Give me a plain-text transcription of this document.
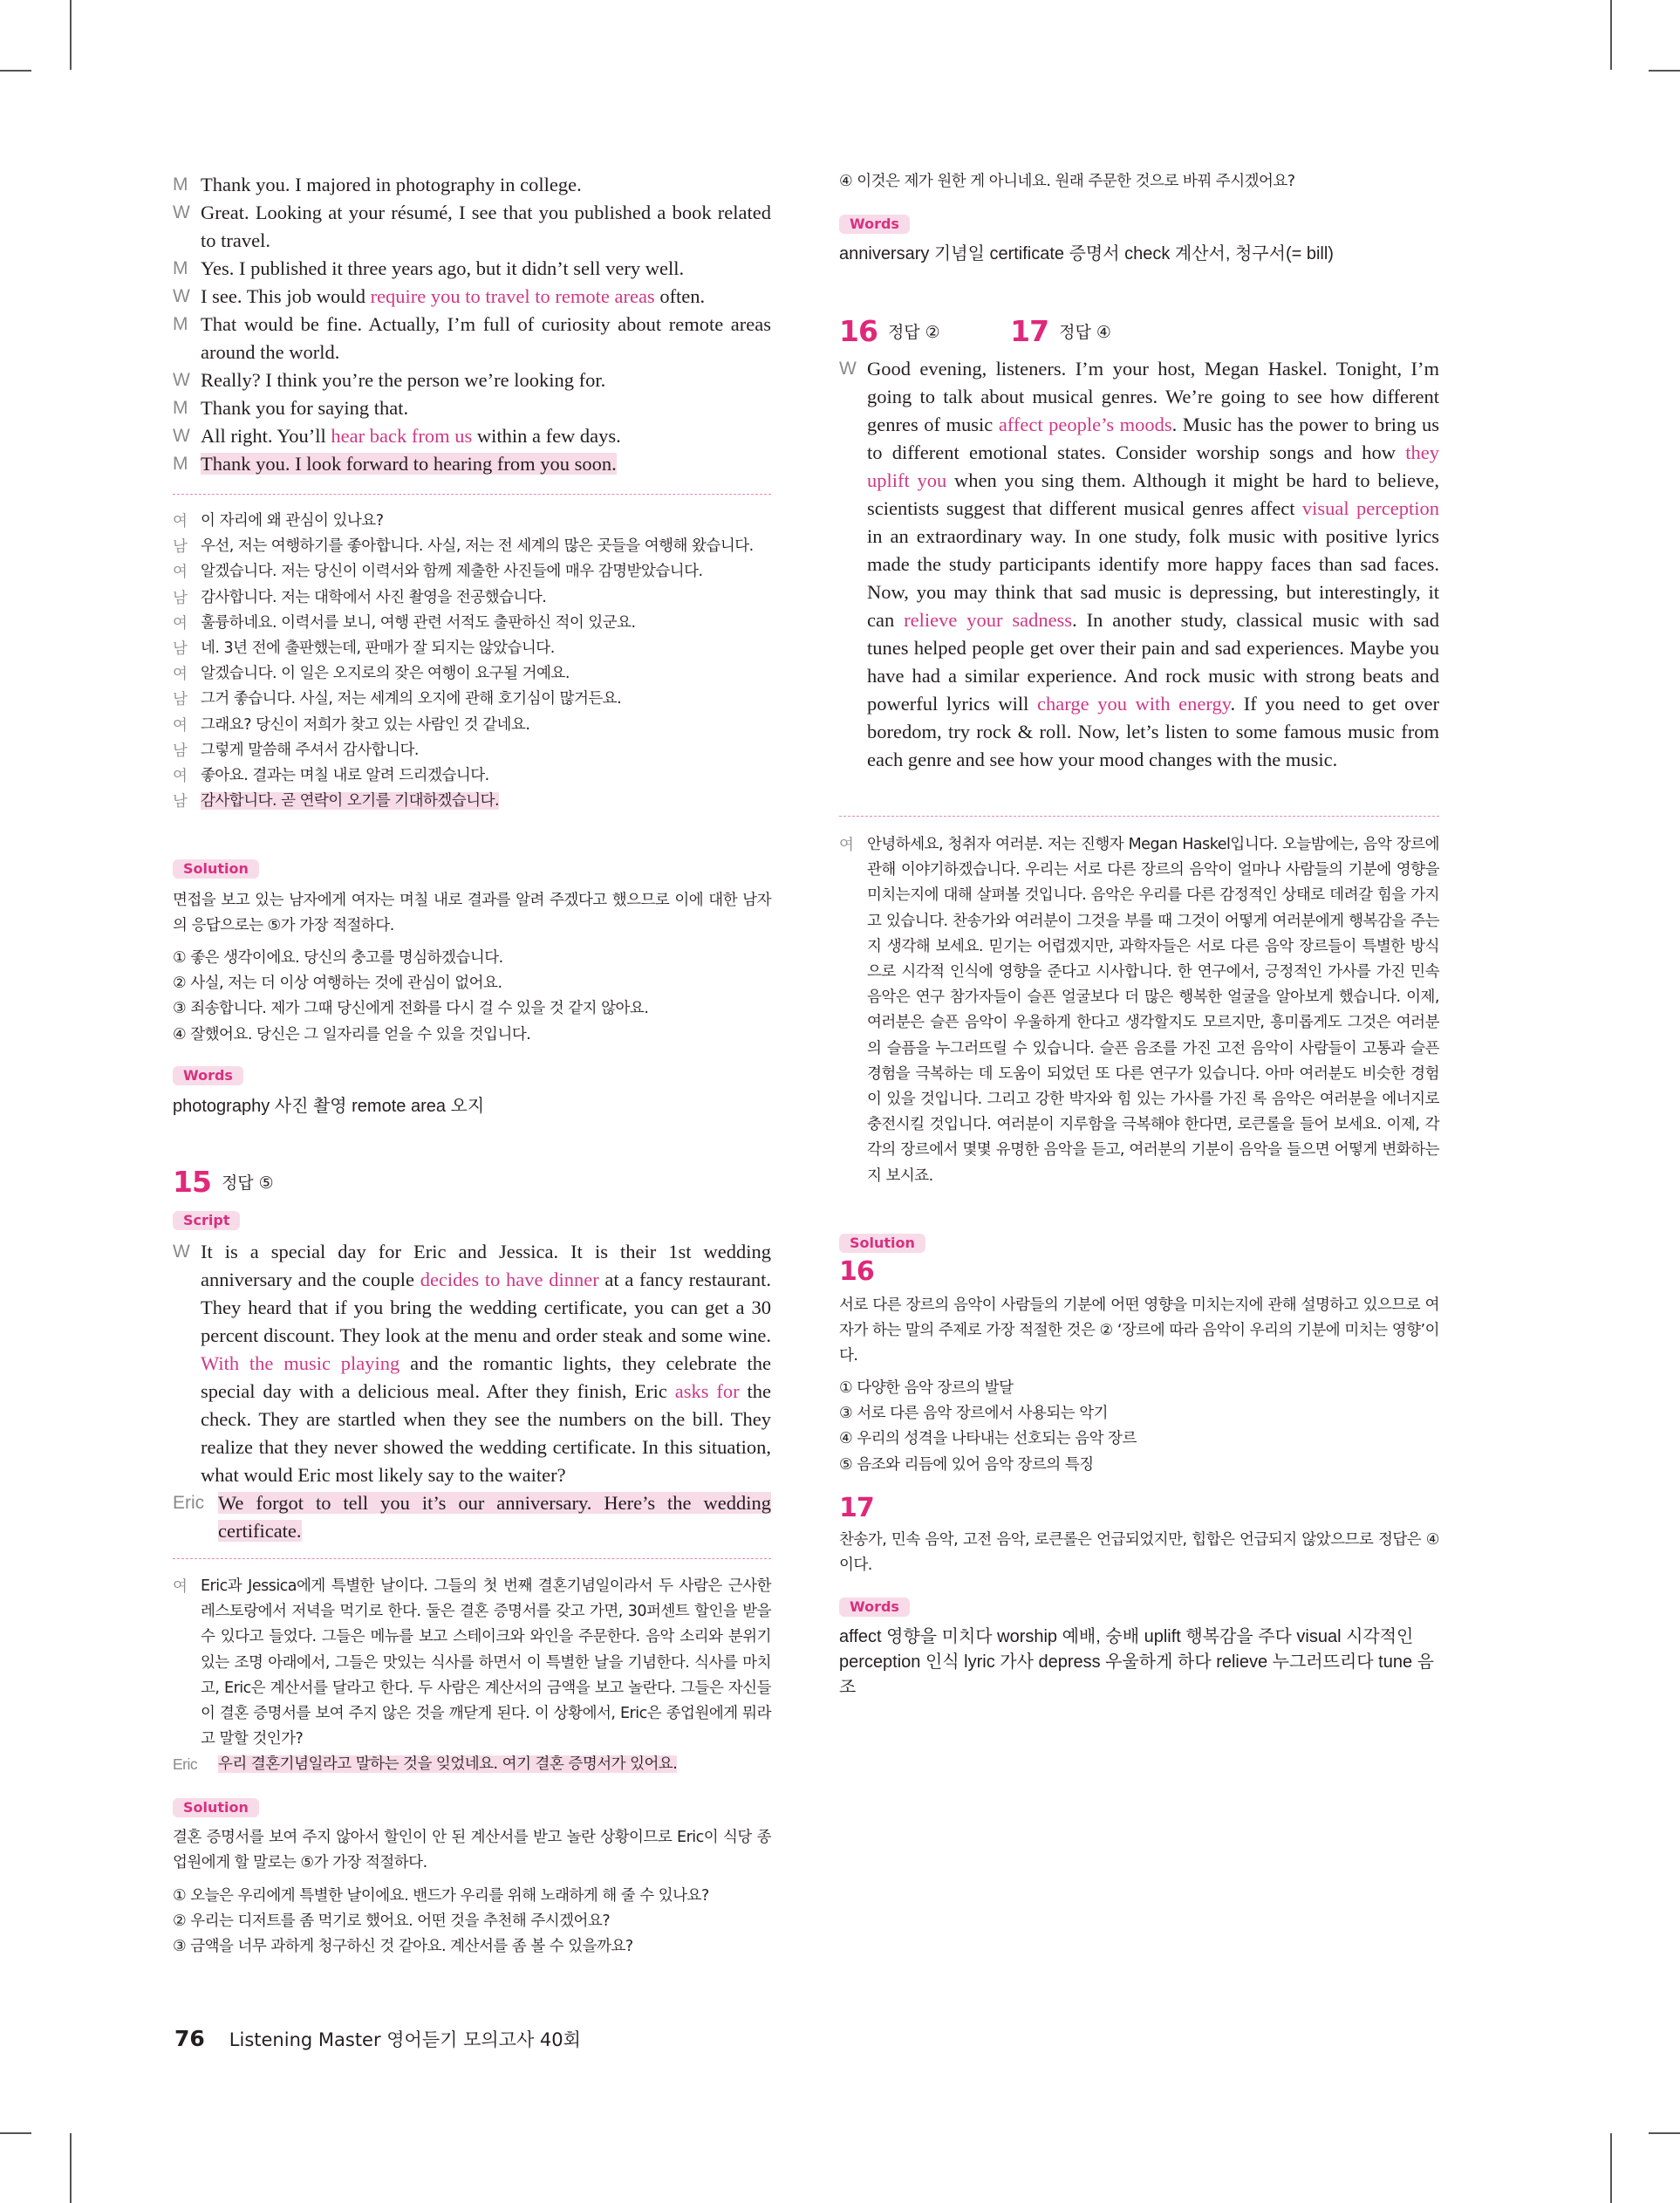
M Thank you. I majored in photography in college.
W Great. Looking at your résumé, I see that you published a book related to travel.
M Yes. I published it three years ago, but it didn’t sell very well.
W I see. This job would require you to travel to remote areas often.
M That would be fine. Actually, I’m full of curiosity about remote areas around the world.
W Really? I think you’re the person we’re looking for.
M Thank you for saying that.
W All right. You’ll hear back from us within a few days.
M Thank you. I look forward to hearing from you soon.
여 이 자리에 왜 관심이 있나요?
남 우선, 저는 여행하기를 좋아합니다. 사실, 저는 전 세계의 많은 곳들을 여행해 왔습니다.
여 알겠습니다. 저는 당신이 이력서와 함께 제출한 사진들에 매우 감명받았습니다.
남 감사합니다. 저는 대학에서 사진 촬영을 전공했습니다.
여 훌륭하네요. 이력서를 보니, 여행 관련 서적도 출판하신 적이 있군요.
남 네. 3년 전에 출판했는데, 판매가 잘 되지는 않았습니다.
여 알겠습니다. 이 일은 오지로의 잦은 여행이 요구될 거예요.
남 그거 좋습니다. 사실, 저는 세계의 오지에 관해 호기심이 많거든요.
여 그래요? 당신이 저희가 찾고 있는 사람인 것 같네요.
남 그렇게 말씀해 주셔서 감사합니다.
여 좋아요. 결과는 며칠 내로 알려 드리겠습니다.
남 감사합니다. 곧 연락이 오기를 기대하겠습니다.
Solution
면접을 보고 있는 남자에게 여자는 며칠 내로 결과를 알려 주겠다고 했으므로 이에 대한 남자의 응답으로는 ⑤가 가장 적절하다.
① 좋은 생각이에요. 당신의 충고를 명심하겠습니다.
② 사실, 저는 더 이상 여행하는 것에 관심이 없어요.
③ 죄송합니다. 제가 그때 당신에게 전화를 다시 걸 수 있을 것 같지 않아요.
④ 잘했어요. 당신은 그 일자리를 얻을 수 있을 것입니다.
Words
photography 사진 촬영 remote area 오지
15 정답 ⑤
Script
W It is a special day for Eric and Jessica. It is their 1st wedding anniversary and the couple decides to have dinner at a fancy restaurant. They heard that if you bring the wedding certificate, you can get a 30 percent discount. They look at the menu and order steak and some wine. With the music playing and the romantic lights, they celebrate the special day with a delicious meal. After they finish, Eric asks for the check. They are startled when they see the numbers on the bill. They realize that they never showed the wedding certificate. In this situation, what would Eric most likely say to the waiter?
Eric We forgot to tell you it’s our anniversary. Here’s the wedding certificate.
여 Eric과 Jessica에게 특별한 날이다. 그들의 첫 번째 결혼기념일이라서 두 사람은 근사한 레스토랑에서 저녁을 먹기로 한다. 둘은 결혼 증명서를 갖고 가면, 30퍼센트 할인을 받을 수 있다고 들었다. 그들은 메뉴를 보고 스테이크와 와인을 주문한다. 음악 소리와 분위기 있는 조명 아래에서, 그들은 맛있는 식사를 하면서 이 특별한 날을 기념한다. 식사를 마치고, Eric은 계산서를 달라고 한다. 두 사람은 계산서의 금액을 보고 놀란다. 그들은 자신들이 결혼 증명서를 보여 주지 않은 것을 깨닫게 된다. 이 상황에서, Eric은 종업원에게 뭐라고 말할 것인가?
Eric	우리 결혼기념일라고 말하는 것을 잊었네요. 여기 결혼 증명서가 있어요.
Solution
결혼 증명서를 보여 주지 않아서 할인이 안 된 계산서를 받고 놀란 상황이므로 Eric이 식당 종업원에게 할 말로는 ⑤가 가장 적절하다.
① 오늘은 우리에게 특별한 날이에요. 밴드가 우리를 위해 노래하게 해 줄 수 있나요?
② 우리는 디저트를 좀 먹기로 했어요. 어떤 것을 추천해 주시겠어요?
③ 금액을 너무 과하게 청구하신 것 같아요. 계산서를 좀 볼 수 있을까요?
④ 이것은 제가 원한 게 아니네요. 원래 주문한 것으로 바꿔 주시겠어요?
Words
anniversary 기념일 certificate 증명서 check 계산서, 청구서(= bill)
16 정답 ② 17 정답 ④
W Good evening, listeners. I’m your host, Megan Haskel. Tonight, I’m going to talk about musical genres. We’re going to see how different genres of music affect people’s moods. Music has the power to bring us to different emotional states. Consider worship songs and how they uplift you when you sing them. Although it might be hard to believe, scientists suggest that different musical genres affect visual perception in an extraordinary way. In one study, folk music with positive lyrics made the study participants identify more happy faces than sad faces. Now, you may think that sad music is depressing, but interestingly, it can relieve your sadness. In another study, classical music with sad tunes helped people get over their pain and sad experiences. Maybe you have had a similar experience. And rock music with strong beats and powerful lyrics will charge you with energy. If you need to get over boredom, try rock & roll. Now, let’s listen to some famous music from each genre and see how your mood changes with the music.
여 안녕하세요, 청취자 여러분. 저는 진행자 Megan Haskel입니다. 오늘밤에는, 음악 장르에 관해 이야기하겠습니다. 우리는 서로 다른 장르의 음악이 얼마나 사람들의 기분에 영향을 미치는지에 대해 살펴볼 것입니다. 음악은 우리를 다른 감정적인 상태로 데려갈 힘을 가지고 있습니다. 찬송가와 여러분이 그것을 부를 때 그것이 어떻게 여러분에게 행복감을 주는지 생각해 보세요. 믿기는 어렵겠지만, 과학자들은 서로 다른 음악 장르들이 특별한 방식으로 시각적 인식에 영향을 준다고 시사합니다. 한 연구에서, 긍정적인 가사를 가진 민속 음악은 연구 참가자들이 슬픈 얼굴보다 더 많은 행복한 얼굴을 알아보게 했습니다. 이제, 여러분은 슬픈 음악이 우울하게 한다고 생각할지도 모르지만, 흥미롭게도 그것은 여러분의 슬픔을 누그러뜨릴 수 있습니다. 슬픈 음조를 가진 고전 음악이 사람들이 고통과 슬픈 경험을 극복하는 데 도움이 되었던 또 다른 연구가 있습니다. 아마 여러분도 비슷한 경험이 있을 것입니다. 그리고 강한 박자와 힘 있는 가사를 가진 록 음악은 여러분을 에너지로 충전시킬 것입니다. 여러분이 지루함을 극복해야 한다면, 로큰롤을 들어 보세요. 이제, 각각의 장르에서 몇몇 유명한 음악을 듣고, 여러분의 기분이 음악을 들으면 어떻게 변화하는지 보시죠.
Solution
16
서로 다른 장르의 음악이 사람들의 기분에 어떤 영향을 미치는지에 관해 설명하고 있으므로 여자가 하는 말의 주제로 가장 적절한 것은 ② ‘장르에 따라 음악이 우리의 기분에 미치는 영향’이다.
① 다양한 음악 장르의 발달
③ 서로 다른 음악 장르에서 사용되는 악기
④ 우리의 성격을 나타내는 선호되는 음악 장르
⑤ 음조와 리듬에 있어 음악 장르의 특징
17
찬송가, 민속 음악, 고전 음악, 로큰롤은 언급되었지만, 힙합은 언급되지 않았으므로 정답은 ④이다.
Words
affect 영향을 미치다 worship 예배, 숭배 uplift 행복감을 주다 visual 시각적인 perception 인식 lyric 가사 depress 우울하게 하다 relieve 누그러뜨리다 tune 음조
76 Listening Master 영어듣기 모의고사 40회
